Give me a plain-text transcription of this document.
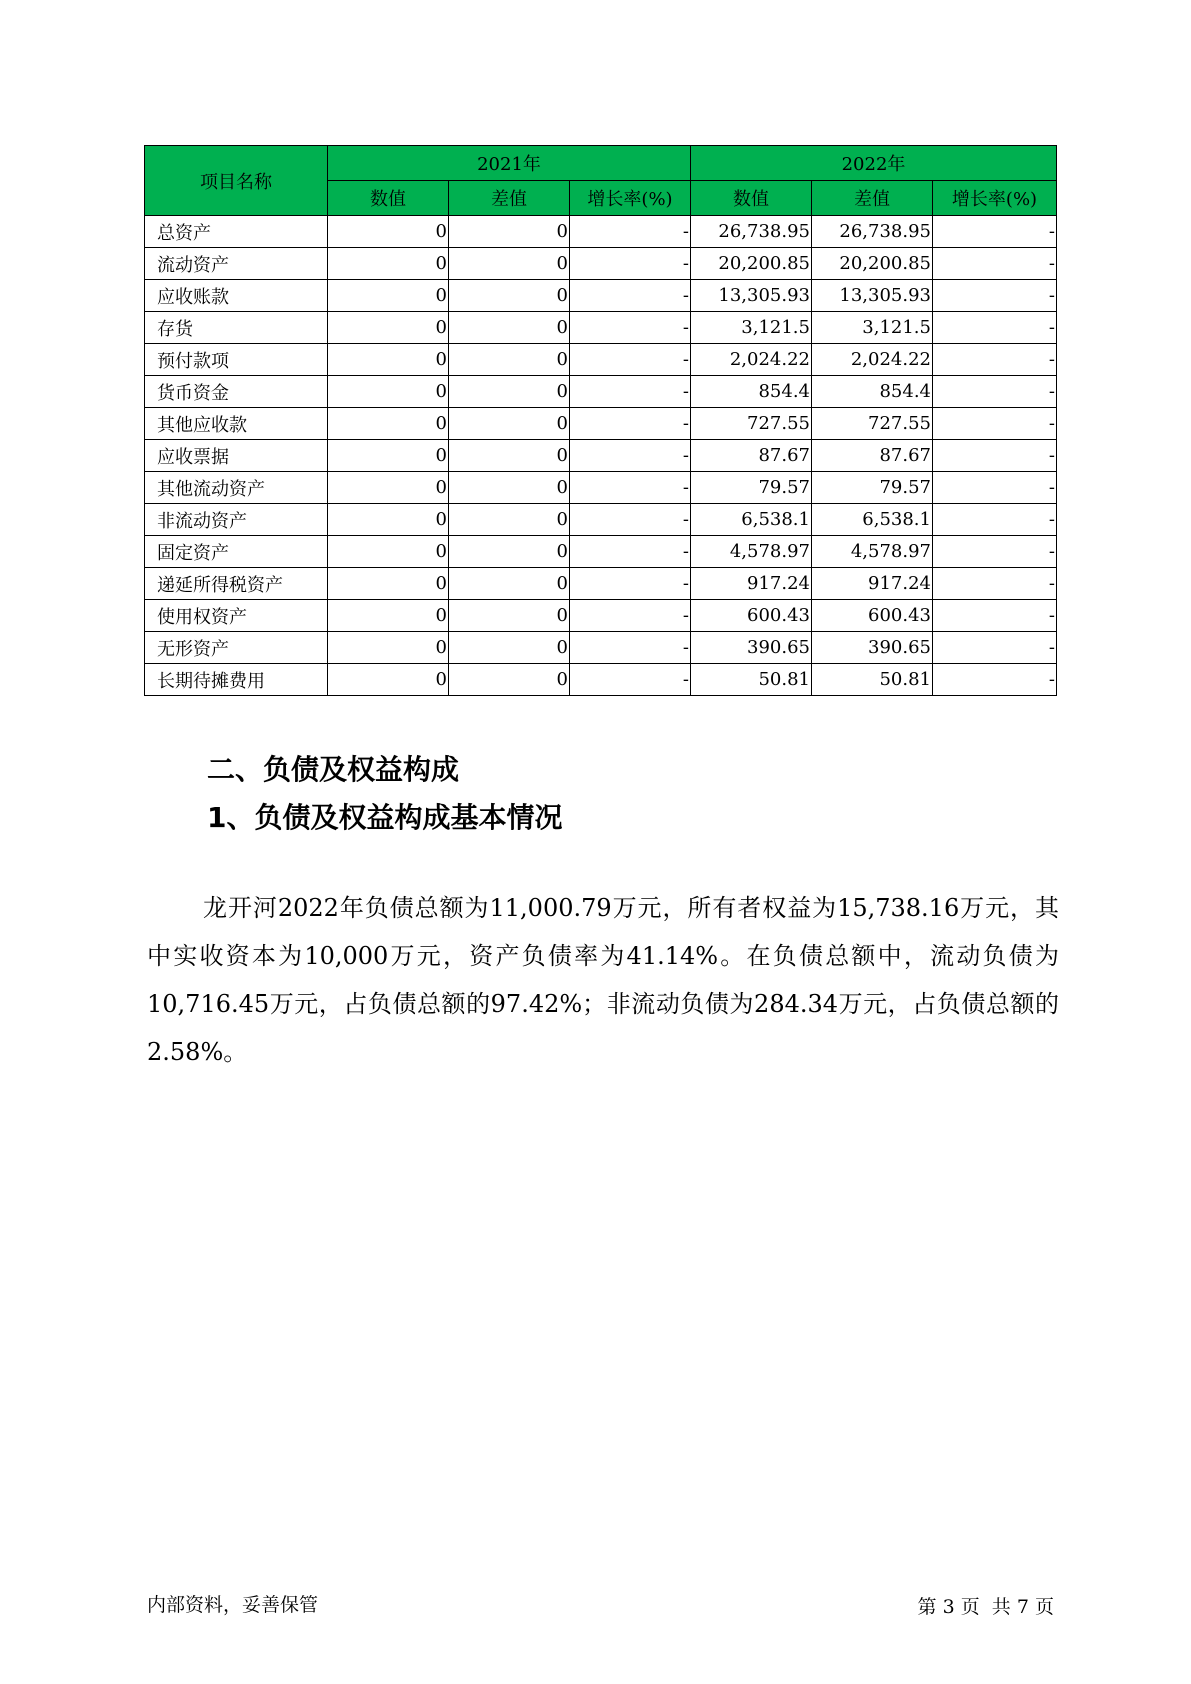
项目名称	2021年			2022年		
	数值	差值	增长率(%)	数值	差值	增长率(%)
总资产	0	0	-	26,738.95	26,738.95	-
流动资产	0	0	-	20,200.85	20,200.85	-
应收账款	0	0	-	13,305.93	13,305.93	-
存货	0	0	-	3,121.5	3,121.5	-
预付款项	0	0	-	2,024.22	2,024.22	-
货币资金	0	0	-	854.4	854.4	-
其他应收款	0	0	-	727.55	727.55	-
应收票据	0	0	-	87.67	87.67	-
其他流动资产	0	0	-	79.57	79.57	-
非流动资产	0	0	-	6,538.1	6,538.1	-
固定资产	0	0	-	4,578.97	4,578.97	-
递延所得税资产	0	0	-	917.24	917.24	-
使用权资产	0	0	-	600.43	600.43	-
无形资产	0	0	-	390.65	390.65	-
长期待摊费用	0	0	-	50.81	50.81	-
二、负债及权益构成
1、负债及权益构成基本情况

龙开河2022年负债总额为11,000.79万元，所有者权益为15,738.16万元，其中实收资本为10,000万元，资产负债率为41.14%。在负债总额中，流动负债为10,716.45万元，占负债总额的97.42%；非流动负债为284.34万元，占负债总额的2.58%。

内部资料，妥善保管	第 3 页  共 7 页
